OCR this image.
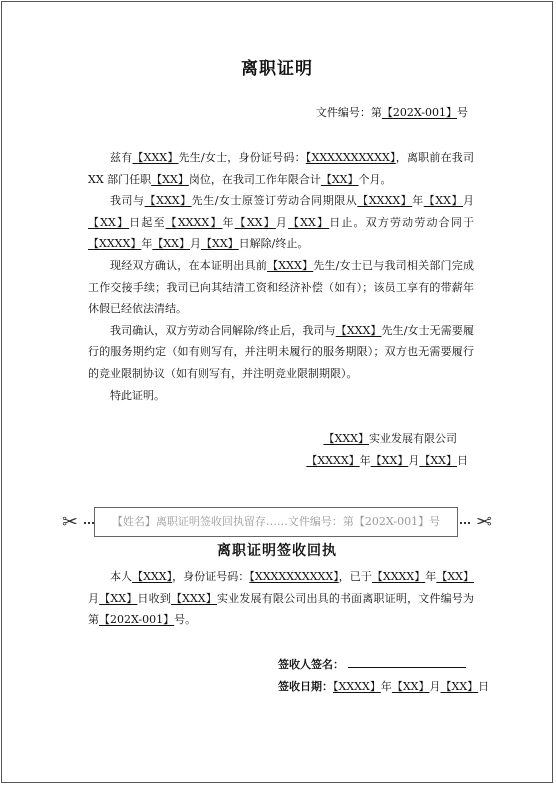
离职证明
文件编号：第【202X-001】号

兹有【XXX】先生/女士，身份证号码：【XXXXXXXXXX】，离职前在我司 XX 部门任职【XX】岗位，在我司工作年限合计【XX】个月。

我司与【XXX】先生/女士原签订劳动合同期限从【XXXX】年【XX】月【XX】日起至【XXXX】年【XX】月【XX】日止。双方劳动劳动合同于【XXXX】年【XX】月【XX】日解除/终止。

现经双方确认，在本证明出具前【XXX】先生/女士已与我司相关部门完成工作交接手续；我司已向其结清工资和经济补偿（如有）；该员工享有的带薪年休假已经依法清结。

我司确认，双方劳动合同解除/终止后，我司与【XXX】先生/女士无需要履行的服务期约定（如有则写有，并注明未履行的服务期限）；双方也无需要履行的竞业限制协议（如有则写有，并注明竞业限制期限）。

特此证明。

【XXX】实业发展有限公司
【XXXX】年【XX】月【XX】日
✂	✂
【姓名】离职证明签收回执留存……文件编号：第【202X-001】号
离职证明签收回执

本人【XXX】，身份证号码：【XXXXXXXXXX】，已于【XXXX】年【XX】月【XX】日收到【XXX】实业发展有限公司出具的书面离职证明，文件编号为第【202X-001】号。

签收人签名：
签收日期：【XXXX】年【XX】月【XX】日
